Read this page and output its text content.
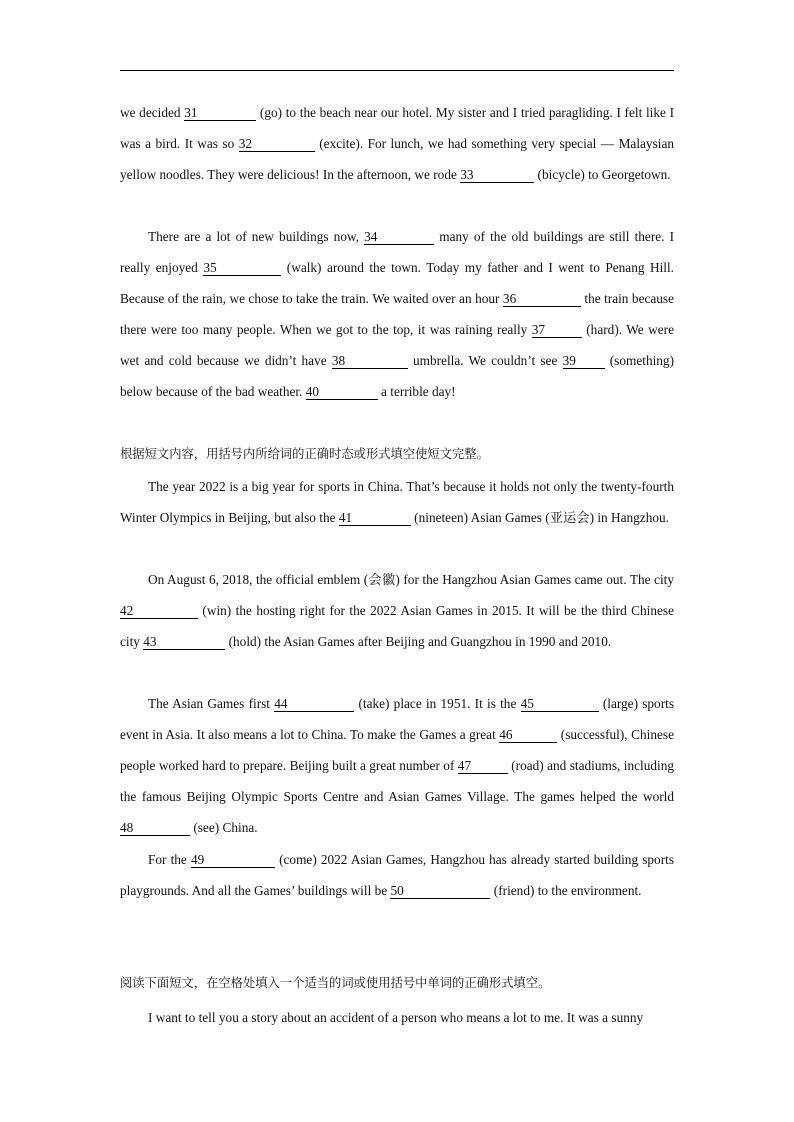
we decided 31	(go) to the beach near our hotel. My sister and I tried paragliding. I felt like I was a bird. It was so 32	(excite). For lunch, we had something very special — Malaysian yellow noodles. They were delicious! In the afternoon, we rode 33	(bicycle) to Georgetown.
There are a lot of new buildings now, 34	many of the old buildings are still there. I really enjoyed 35	(walk) around the town. Today my father and I went to Penang Hill. Because of the rain, we chose to take the train. We waited over an hour 36	the train because there were too many people. When we got to the top, it was raining really 37	(hard). We were wet and cold because we didn’t have 38	umbrella. We couldn’t see 39 (something) below because of the bad weather. 40	a terrible day!
根据短文内容，用括号内所给词的正确时态或形式填空使短文完整。
The year 2022 is a big year for sports in China. That’s because it holds not only the twenty-fourth Winter Olympics in Beijing, but also the 41	(nineteen) Asian Games (亚运会) in Hangzhou.
On August 6, 2018, the official emblem (会徽) for the Hangzhou Asian Games came out. The city 42	(win) the hosting right for the 2022 Asian Games in 2015. It will be the third Chinese city 43	(hold) the Asian Games after Beijing and Guangzhou in 1990 and 2010.
The Asian Games first 44	(take) place in 1951. It is the 45	(large) sports event in Asia. It also means a lot to China. To make the Games a great 46	(successful), Chinese people worked hard to prepare. Beijing built a great number of 47	(road) and stadiums, including the famous Beijing Olympic Sports Centre and Asian Games Village. The games helped the world 48	(see) China.
For the 49	(come) 2022 Asian Games, Hangzhou has already started building sports playgrounds. And all the Games’ buildings will be 50	(friend) to the environment.
阅读下面短文，在空格处填入一个适当的词或使用括号中单词的正确形式填空。
I want to tell you a story about an accident of a person who means a lot to me. It was a sunny
